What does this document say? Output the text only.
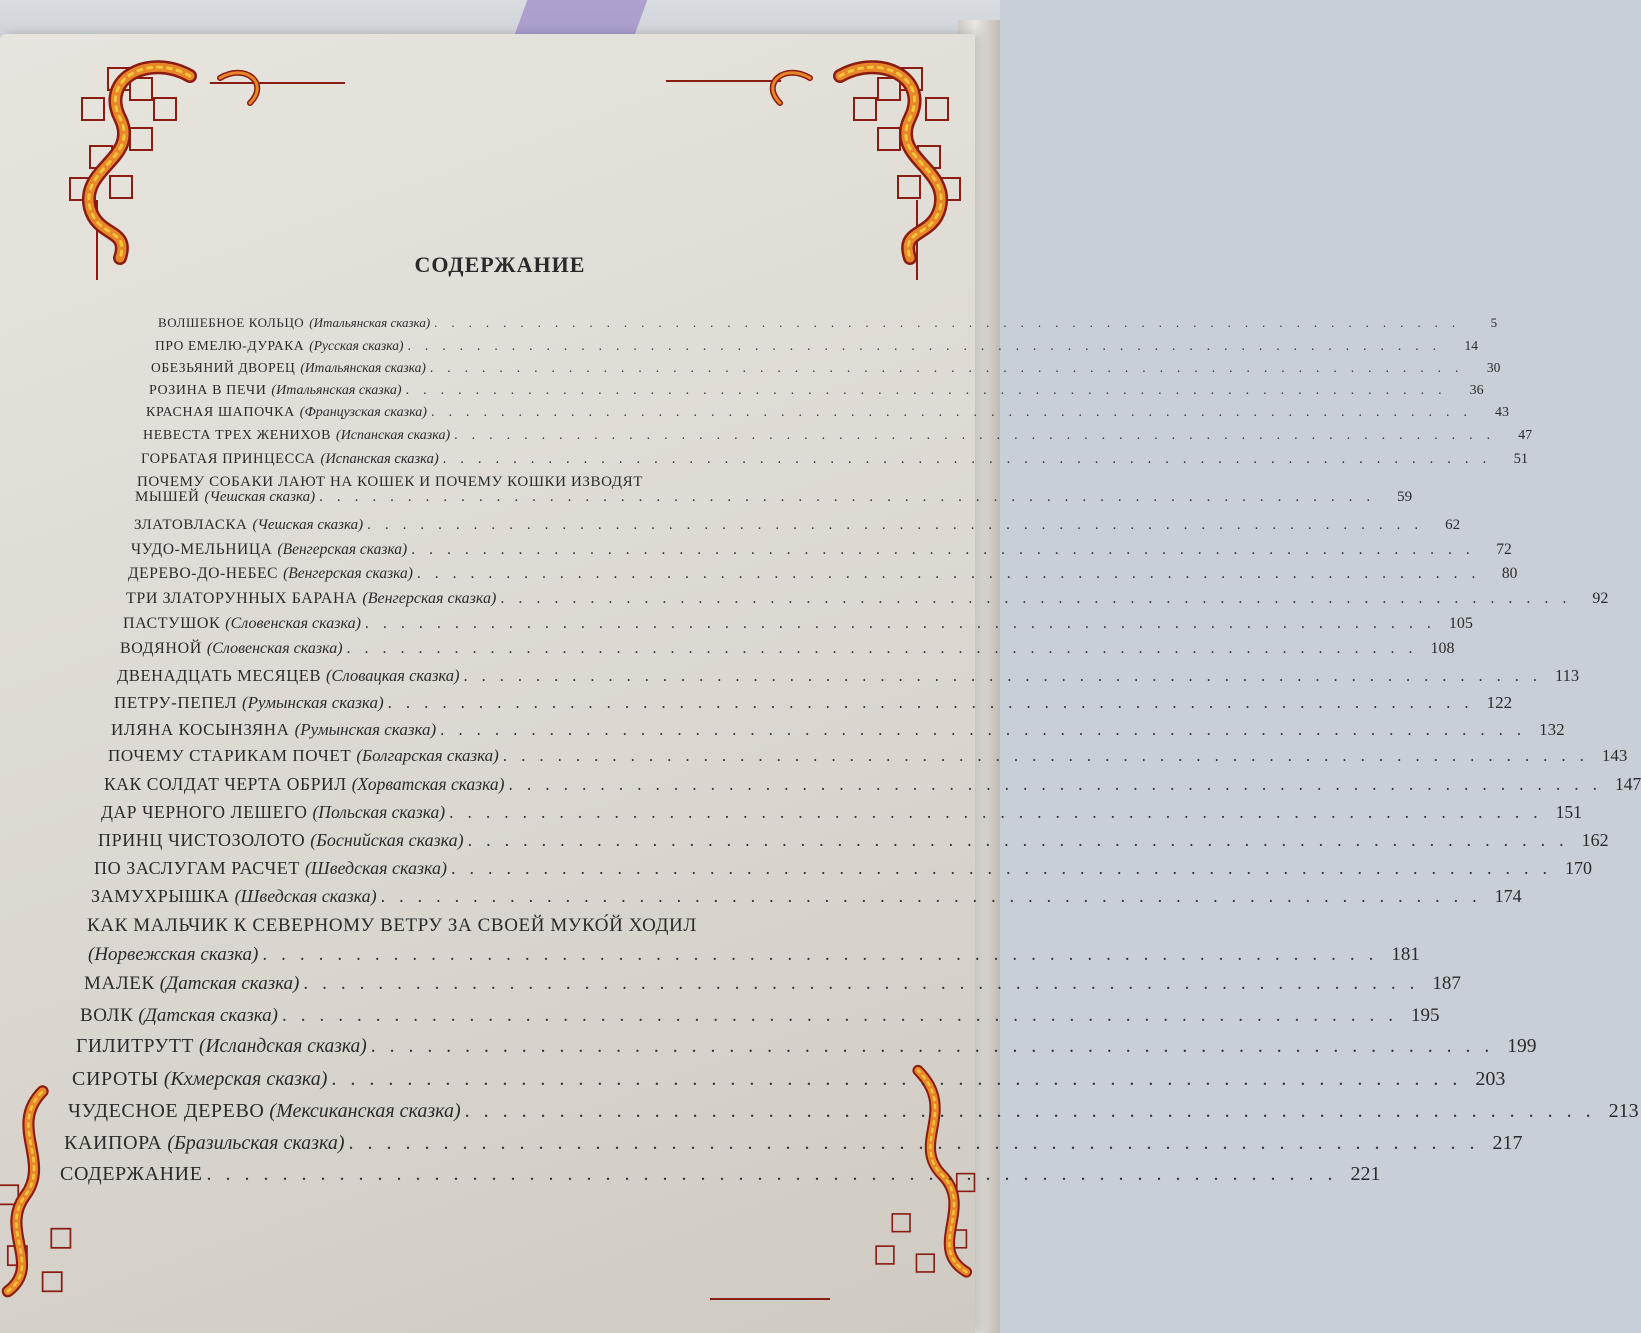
СОДЕРЖАНИЕ
ВОЛШЕБНОЕ КОЛЬЦО (Итальянская сказка) ............................................................	5
ПРО ЕМЕЛЮ-ДУРАКА (Русская сказка) ............................................................	14
ОБЕЗЬЯНИЙ ДВОРЕЦ (Итальянская сказка) ............................................................	30
РОЗИНА В ПЕЧИ (Итальянская сказка) ............................................................	36
КРАСНАЯ ШАПОЧКА (Французская сказка) ............................................................	43
НЕВЕСТА ТРЕХ ЖЕНИХОВ (Испанская сказка) ............................................................	47
ГОРБАТАЯ ПРИНЦЕССА (Испанская сказка) ............................................................ 51
ПОЧЕМУ СОБАКИ ЛАЮТ НА КОШЕК И ПОЧЕМУ КОШКИ ИЗВОДЯТ
МЫШЕЙ (Чешская сказка) ............................................................ 59
ЗЛАТОВЛАСКА (Чешская сказка) ............................................................ 62
ЧУДО-МЕЛЬНИЦА (Венгерская сказка) ............................................................ 72
ДЕРЕВО-ДО-НЕБЕС (Венгерская сказка) ............................................................ 80
ТРИ ЗЛАТОРУННЫХ БАРАНА (Венгерская сказка) ............................................................ 92
ПАСТУШОК (Словенская сказка) ............................................................ 105
ВОДЯНОЙ (Словенская сказка) ............................................................ 108
ДВЕНАДЦАТЬ МЕСЯЦЕВ (Словацкая сказка) ............................................................ 113
ПЕТРУ-ПЕПЕЛ (Румынская сказка) ............................................................ 122
ИЛЯНА КОСЫНЗЯНА (Румынская сказка) ............................................................ 132
ПОЧЕМУ СТАРИКАМ ПОЧЕТ (Болгарская сказка) ............................................................ 143
КАК СОЛДАТ ЧЕРТА ОБРИЛ (Хорватская сказка) ............................................................ 147
ДАР ЧЕРНОГО ЛЕШЕГО (Польская сказка) ............................................................ 151
ПРИНЦ ЧИСТОЗОЛОТО (Боснийская сказка) ............................................................ 162
ПО ЗАСЛУГАМ РАСЧЕТ (Шведская сказка) ............................................................ 170
ЗАМУХРЫШКА (Шведская сказка) ............................................................ 174
КАК МАЛЬЧИК К СЕВЕРНОМУ ВЕТРУ ЗА СВОЕЙ МУКО́Й ХОДИЛ
(Норвежская сказка) ............................................................ 181
МАЛЕК (Датская сказка) ............................................................ 187
ВОЛК (Датская сказка) ............................................................ 195
ГИЛИТРУТТ (Исландская сказка) ............................................................ 199
СИРОТЫ (Кхмерская сказка) ............................................................ 203
ЧУДЕСНОЕ ДЕРЕВО (Мексиканская сказка) ............................................................ 213
КАИПОРА (Бразильская сказка) ............................................................ 217
СОДЕРЖАНИЕ ............................................................ 221
